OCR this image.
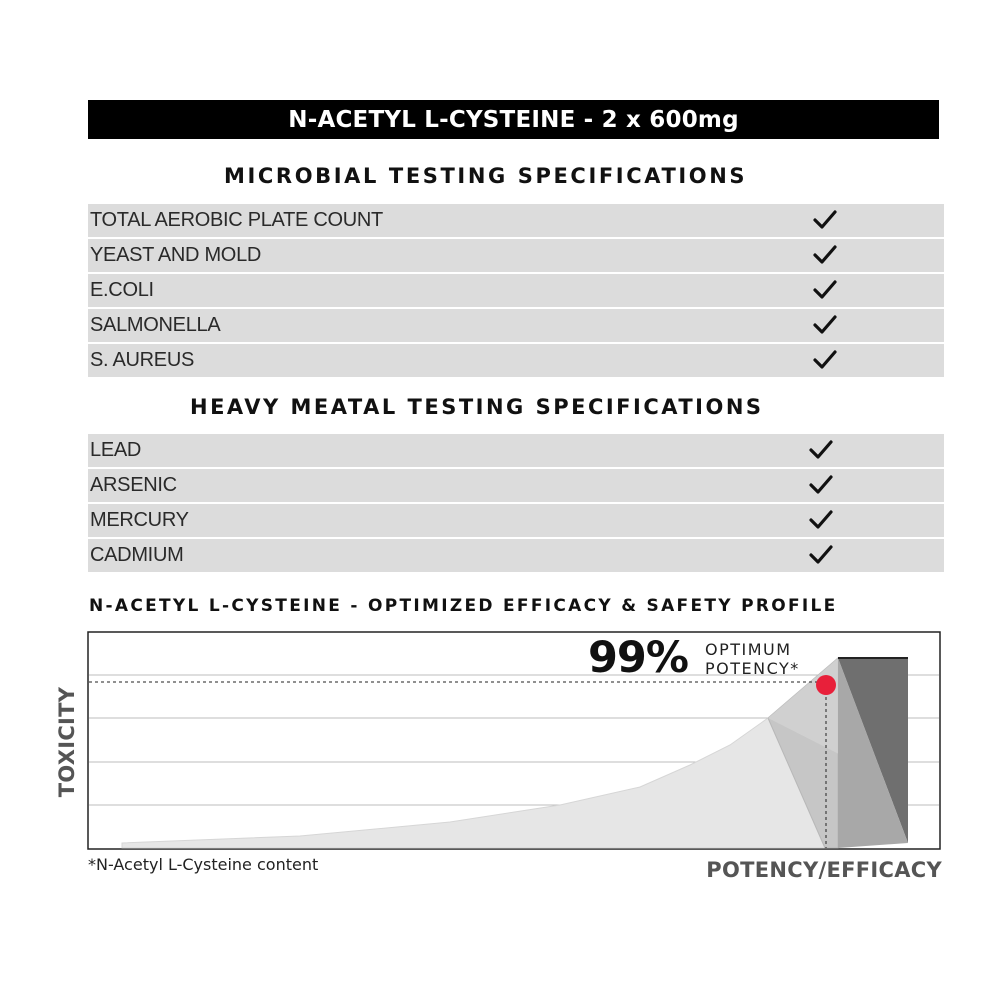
N-ACETYL L-CYSTEINE - 2 x 600mg
MICROBIAL TESTING SPECIFICATIONS
TOTAL AEROBIC PLATE COUNT
YEAST AND MOLD
E.COLI
SALMONELLA
S. AUREUS
HEAVY MEATAL TESTING SPECIFICATIONS
LEAD
ARSENIC
MERCURY
CADMIUM
N-ACETYL L-CYSTEINE - OPTIMIZED EFFICACY & SAFETY PROFILE
99% OPTIMUM
POTENCY*
TOXICITY
POTENCY/EFFICACY
*N-Acetyl L-Cysteine content
